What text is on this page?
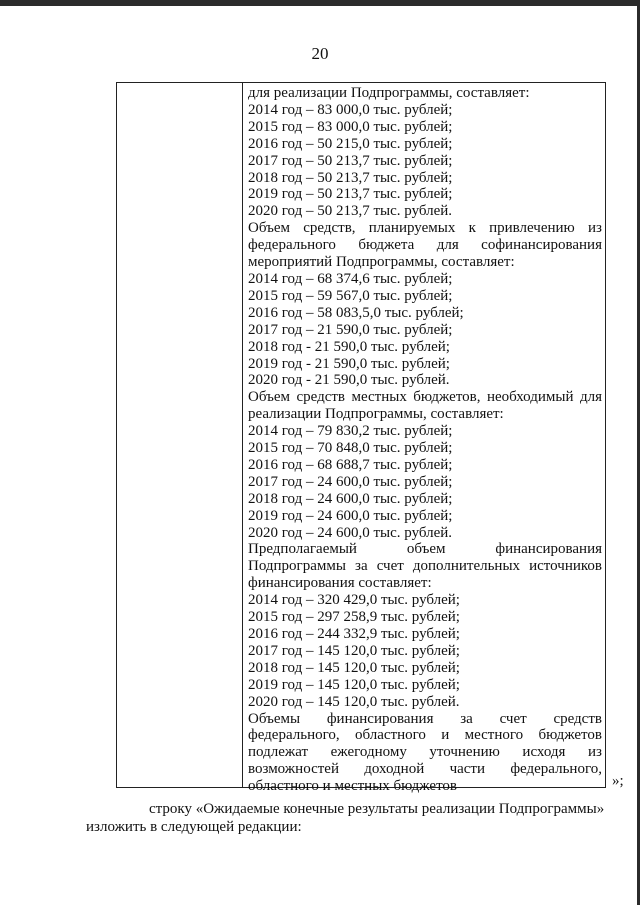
20
для реализации Подпрограммы, составляет:
2014 год – 83 000,0 тыс. рублей;
2015 год – 83 000,0 тыс. рублей;
2016 год – 50 215,0 тыс. рублей;
2017 год – 50 213,7 тыс. рублей;
2018 год – 50 213,7 тыс. рублей;
2019 год – 50 213,7 тыс. рублей;
2020 год – 50 213,7 тыс. рублей.
Объем средств, планируемых к привлечению из
федерального бюджета для софинансирования
мероприятий Подпрограммы, составляет:
2014 год – 68 374,6 тыс. рублей;
2015 год – 59 567,0 тыс. рублей;
2016 год – 58 083,5,0 тыс. рублей;
2017 год – 21 590,0 тыс. рублей;
2018 год - 21 590,0 тыс. рублей;
2019 год - 21 590,0 тыс. рублей;
2020 год - 21 590,0 тыс. рублей.
Объем средств местных бюджетов, необходимый для
реализации Подпрограммы, составляет:
2014 год – 79 830,2 тыс. рублей;
2015 год – 70 848,0 тыс. рублей;
2016 год – 68 688,7 тыс. рублей;
2017 год – 24 600,0 тыс. рублей;
2018 год – 24 600,0 тыс. рублей;
2019 год – 24 600,0 тыс. рублей;
2020 год – 24 600,0 тыс. рублей.
Предполагаемый	объем	финансирования
Подпрограммы за счет дополнительных источников
финансирования составляет:
2014 год – 320 429,0 тыс. рублей;
2015 год – 297 258,9 тыс. рублей;
2016 год – 244 332,9 тыс. рублей;
2017 год – 145 120,0 тыс. рублей;
2018 год – 145 120,0 тыс. рублей;
2019 год – 145 120,0 тыс. рублей;
2020 год – 145 120,0 тыс. рублей.
Объемы финансирования за счет средств
федерального, областного и местного бюджетов
подлежат ежегодному уточнению исходя из
возможностей доходной части федерального,
областного и местных бюджетов	»;
строку «Ожидаемые конечные результаты реализации Подпрограммы»
изложить в следующей редакции:
